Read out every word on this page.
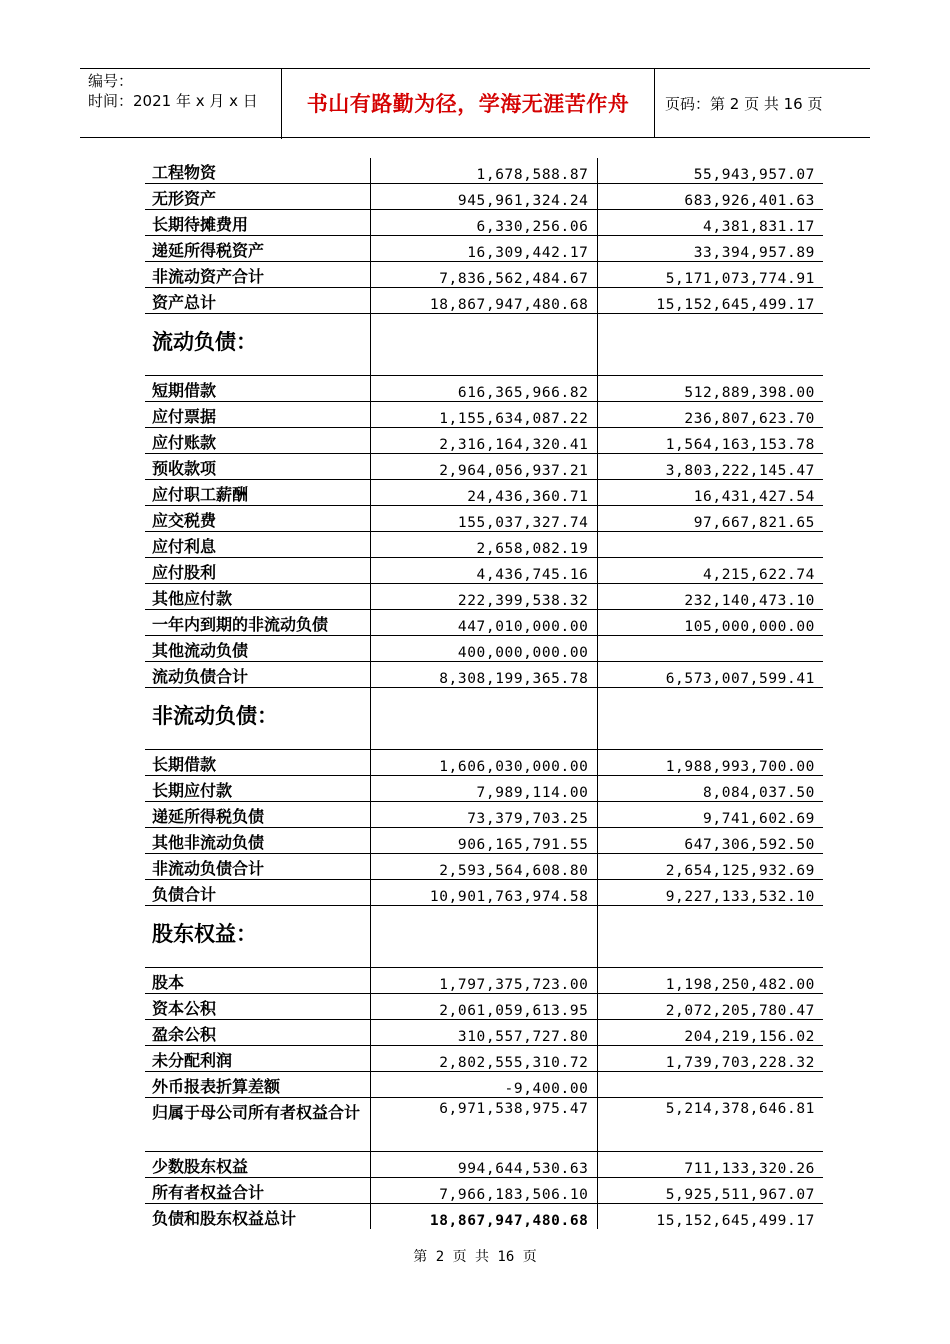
编号：
时间：2021 年 x 月 x 日	书山有路勤为径，学海无涯苦作舟	页码：第 2 页 共 16 页
工程物资	1,678,588.87	55,943,957.07
无形资产	945,961,324.24	683,926,401.63
长期待摊费用	6,330,256.06	4,381,831.17
递延所得税资产	16,309,442.17	33,394,957.89
非流动资产合计	7,836,562,484.67	5,171,073,774.91
资产总计	18,867,947,480.68	15,152,645,499.17
流动负债：		
短期借款	616,365,966.82	512,889,398.00
应付票据	1,155,634,087.22	236,807,623.70
应付账款	2,316,164,320.41	1,564,163,153.78
预收款项	2,964,056,937.21	3,803,222,145.47
应付职工薪酬	24,436,360.71	16,431,427.54
应交税费	155,037,327.74	97,667,821.65
应付利息	2,658,082.19	
应付股利	4,436,745.16	4,215,622.74
其他应付款	222,399,538.32	232,140,473.10
一年内到期的非流动负债	447,010,000.00	105,000,000.00
其他流动负债	400,000,000.00	
流动负债合计	8,308,199,365.78	6,573,007,599.41
非流动负债：		
长期借款	1,606,030,000.00	1,988,993,700.00
长期应付款	7,989,114.00	8,084,037.50
递延所得税负债	73,379,703.25	9,741,602.69
其他非流动负债	906,165,791.55	647,306,592.50
非流动负债合计	2,593,564,608.80	2,654,125,932.69
负债合计	10,901,763,974.58	9,227,133,532.10
股东权益：		
股本	1,797,375,723.00	1,198,250,482.00
资本公积	2,061,059,613.95	2,072,205,780.47
盈余公积	310,557,727.80	204,219,156.02
未分配利润	2,802,555,310.72	1,739,703,228.32
外币报表折算差额	-9,400.00	
归属于母公司所有者权益合计	6,971,538,975.47	5,214,378,646.81
少数股东权益	994,644,530.63	711,133,320.26
所有者权益合计	7,966,183,506.10	5,925,511,967.07
负债和股东权益总计	18,867,947,480.68	15,152,645,499.17
第 2 页 共 16 页
